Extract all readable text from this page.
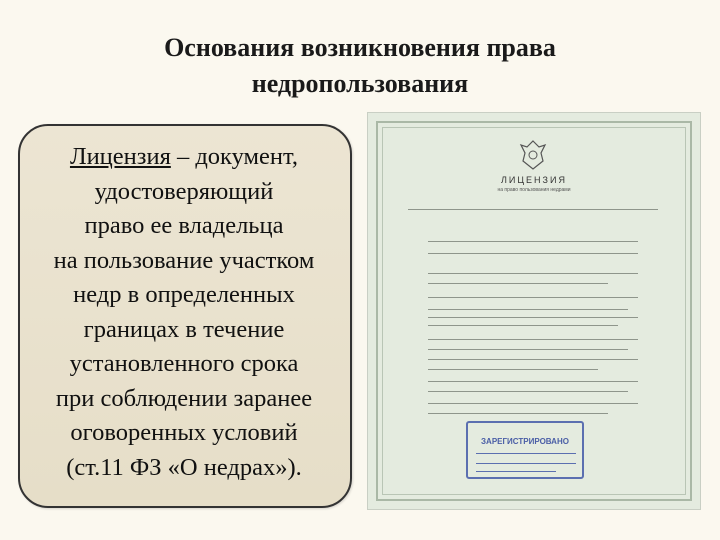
Основания возникновения права
недропользования
Лицензия – документ,
удостоверяющий
право ее владельца
на пользование участком
недр в определенных
границах в течение
установленного срока
при соблюдении заранее
оговоренных условий
(ст.11 ФЗ «О недрах»).
ЛИЦЕНЗИЯ
на право пользования недрами
ЗАРЕГИСТРИРОВАНО
